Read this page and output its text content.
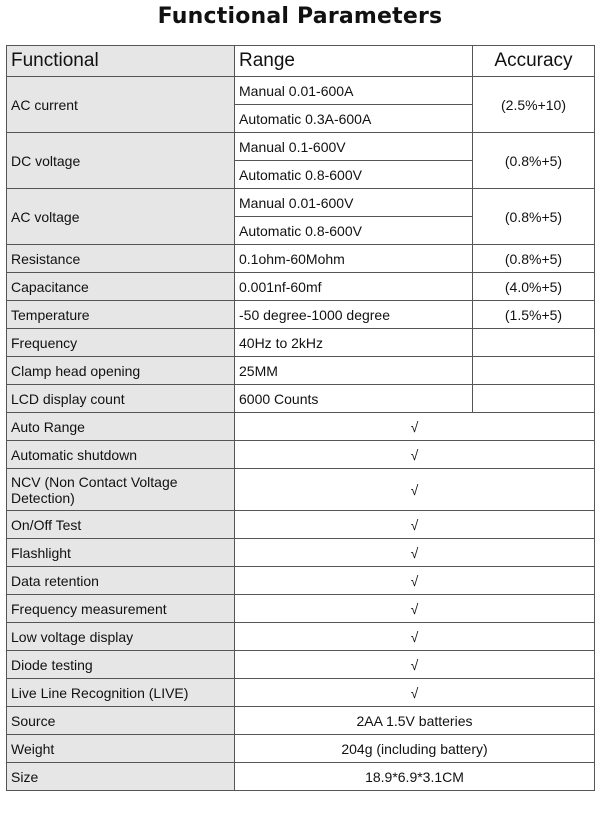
Functional Parameters
Functional	Range	Accuracy
AC current	Manual 0.01-600A	(2.5%+10)
	Automatic 0.3A-600A	
DC voltage	Manual 0.1-600V	(0.8%+5)
	Automatic 0.8-600V	
AC voltage	Manual 0.01-600V	(0.8%+5)
	Automatic 0.8-600V	
Resistance	0.1ohm-60Mohm	(0.8%+5)
Capacitance	0.001nf-60mf	(4.0%+5)
Temperature	-50 degree-1000 degree	(1.5%+5)
Frequency	40Hz to 2kHz	
Clamp head opening	25MM	
LCD display count	6000 Counts	
Auto Range	√	
Automatic shutdown	√	
NCV (Non Contact Voltage Detection)	√	
On/Off Test	√	
Flashlight	√	
Data retention	√	
Frequency measurement	√	
Low voltage display	√	
Diode testing	√	
Live Line Recognition (LIVE)	√	
Source	2AA 1.5V batteries	
Weight	204g (including battery)	
Size	18.9*6.9*3.1CM	
